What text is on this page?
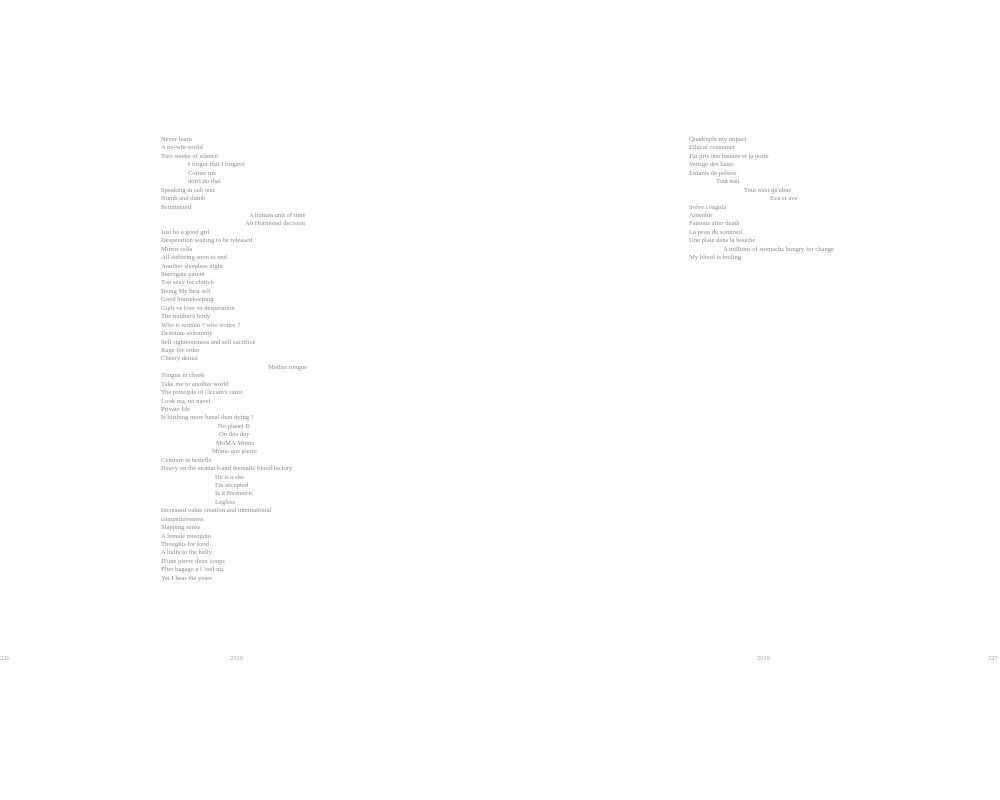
Never learn
A no-win world
Two weeks of silence
I forgot that I forgave
Corner me
don't do that
Speaking in sub text
Numb and dumb
Scrutinized
A human unit of time
An Hormonal decision
Just be a good girl
Desperation waiting to be released
Mirror cells
All suffering soon to end
Another sleepless night
Surrogate parent
Too sexy for church
Being My best self
Good housekeeping
Guilt vs love vs desperation
The mother's body
Who is written ? who writes ?
Destitute solemnity
Self righteousness and self sacrifice
Rage for order
Cheery denial
Mother tongue
Tongue in cheek
Take me to another world
The principle of Occam's razor
Look ma, no navel
Private life
Is birthing more banal than dying ?
No planet B
On this day
MoMA Moms
Moms que pierre
Ceinture et bretelle
Heavy on the stomach and thematic blood factory
He is a she
I'm accepted
Is it Biometric
Legless
Increased value creation and international
competitiveness
Slapping sense
A female mosquito
Thoughts for food
A bully to the belly
D'une pierre deux coups
Plier bagage a l 'oeil nu.
Yet I hear the years
226	2019
Quadruple my impact
Ethical consumer
J'ai pris une banane et la porte
Vertige des listes
Enfants de prêtres
Tout nait
Tout n'est qu'abus
Eva et ave
Solve coagula
Amenhir
Famous after death
La peau du sommeil
Une plaie dans la bouche
A millions of stomachs hungry for change
My blood is boiling
2019	227
